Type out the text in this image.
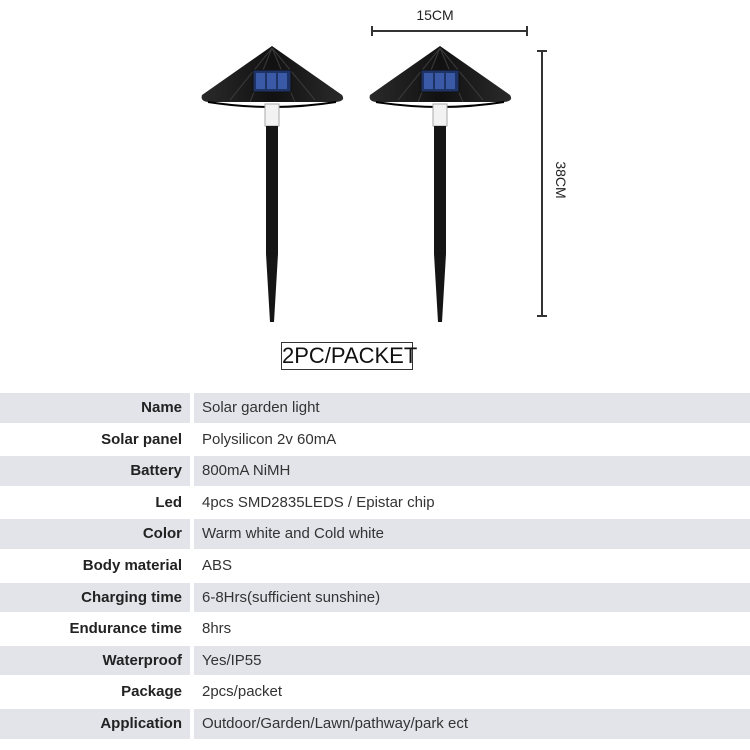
15CM
38CM
2PC/PACKET
Name	Solar garden light
Solar panel	Polysilicon 2v 60mA
Battery	800mA NiMH
Led	4pcs SMD2835LEDS / Epistar chip
Color	Warm white and Cold white
Body material	ABS
Charging time	6-8Hrs(sufficient sunshine)
Endurance time	8hrs
Waterproof	Yes/IP55
Package	2pcs/packet
Application	Outdoor/Garden/Lawn/pathway/park ect
